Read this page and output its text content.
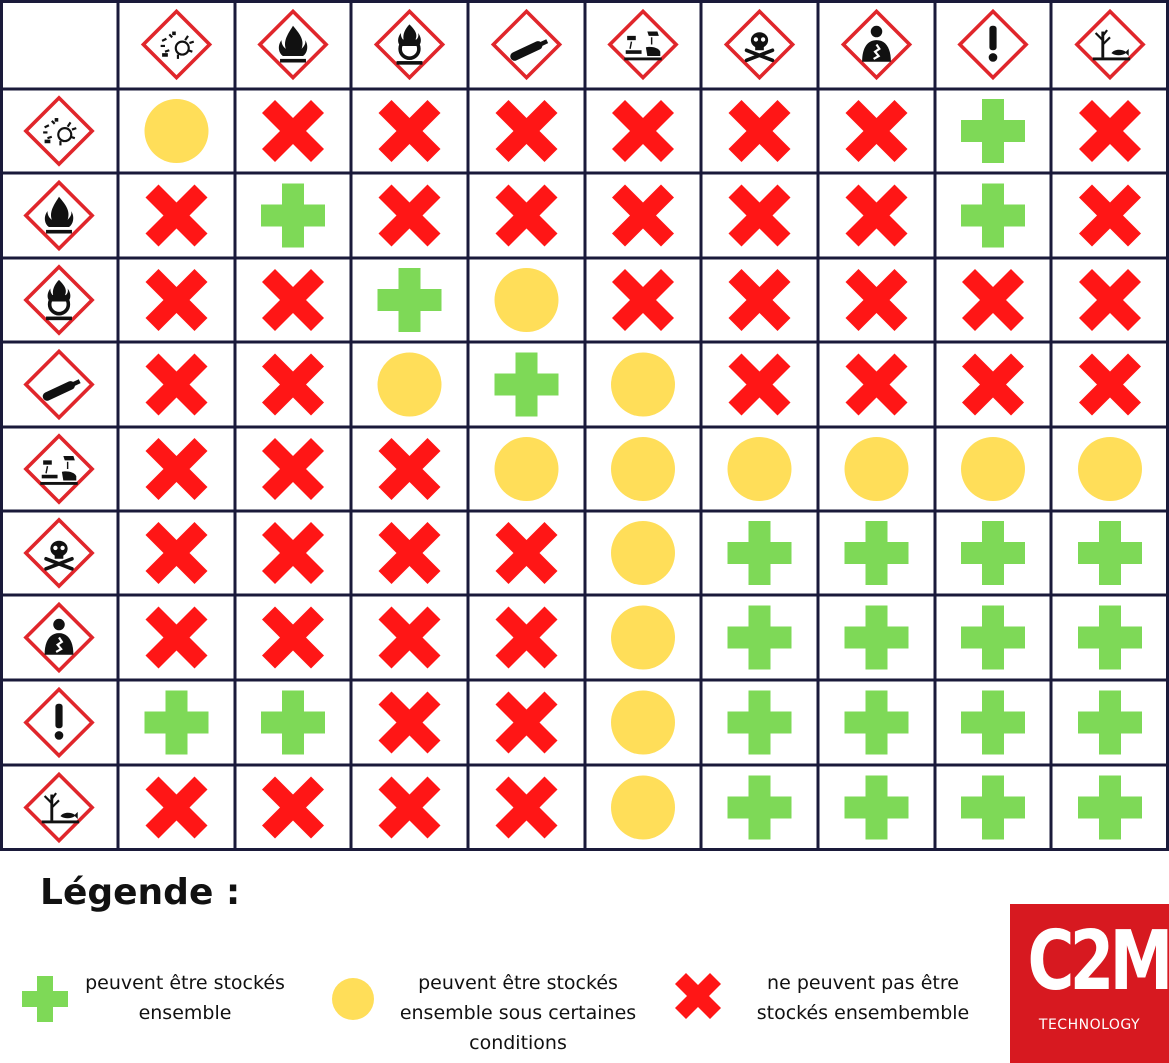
Légende :
peuvent être stockés
ensemble
peuvent être stockés
ensemble sous certaines
conditions
ne peuvent pas être
stockés ensembemble
C2M
TECHNOLOGY
